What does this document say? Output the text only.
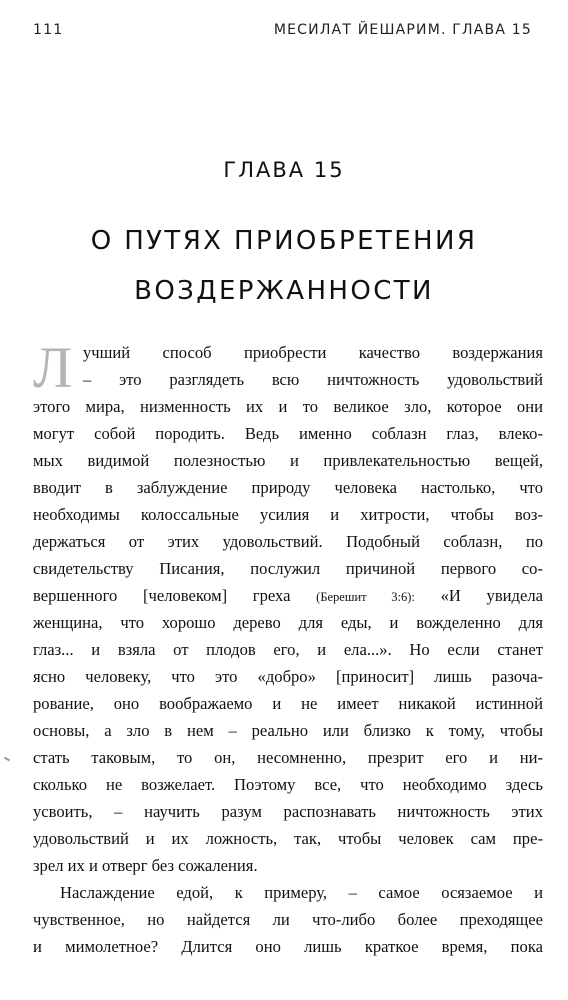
111	МЕСИЛАТ ЙЕШАРИМ. ГЛАВА 15
ГЛАВА 15
О ПУТЯХ ПРИОБРЕТЕНИЯ
ВОЗДЕРЖАННОСТИ
Л учший способ приобрести качество воздержания
– это разглядеть всю ничтожность удовольствий
этого мира, низменность их и то великое зло, которое они
могут собой породить. Ведь именно соблазн глаз, влеко-
мых видимой полезностью и привлекательностью вещей,
вводит в заблуждение природу человека настолько, что
необходимы колоссальные усилия и хитрости, чтобы воз-
держаться от этих удовольствий. Подобный соблазн, по
свидетельству Писания, послужил причиной первого со-
вершенного [человеком] греха (Берешит 3:6): «И увидела
женщина, что хорошо дерево для еды, и вожделенно для
глаз... и взяла от плодов его, и ела...». Но если станет
ясно человеку, что это «добро» [приносит] лишь разоча-
рование, оно воображаемо и не имеет никакой истинной
основы, а зло в нем – реально или близко к тому, чтобы
стать таковым, то он, несомненно, презрит его и ни-
сколько не возжелает. Поэтому все, что необходимо здесь
усвоить, – научить разум распознавать ничтожность этих
удовольствий и их ложность, так, чтобы человек сам пре-
зрел их и отверг без сожаления.
Наслаждение едой, к примеру, – самое осязаемое и
чувственное, но найдется ли что-либо более преходящее
и мимолетное? Длится оно лишь краткое время, пока
